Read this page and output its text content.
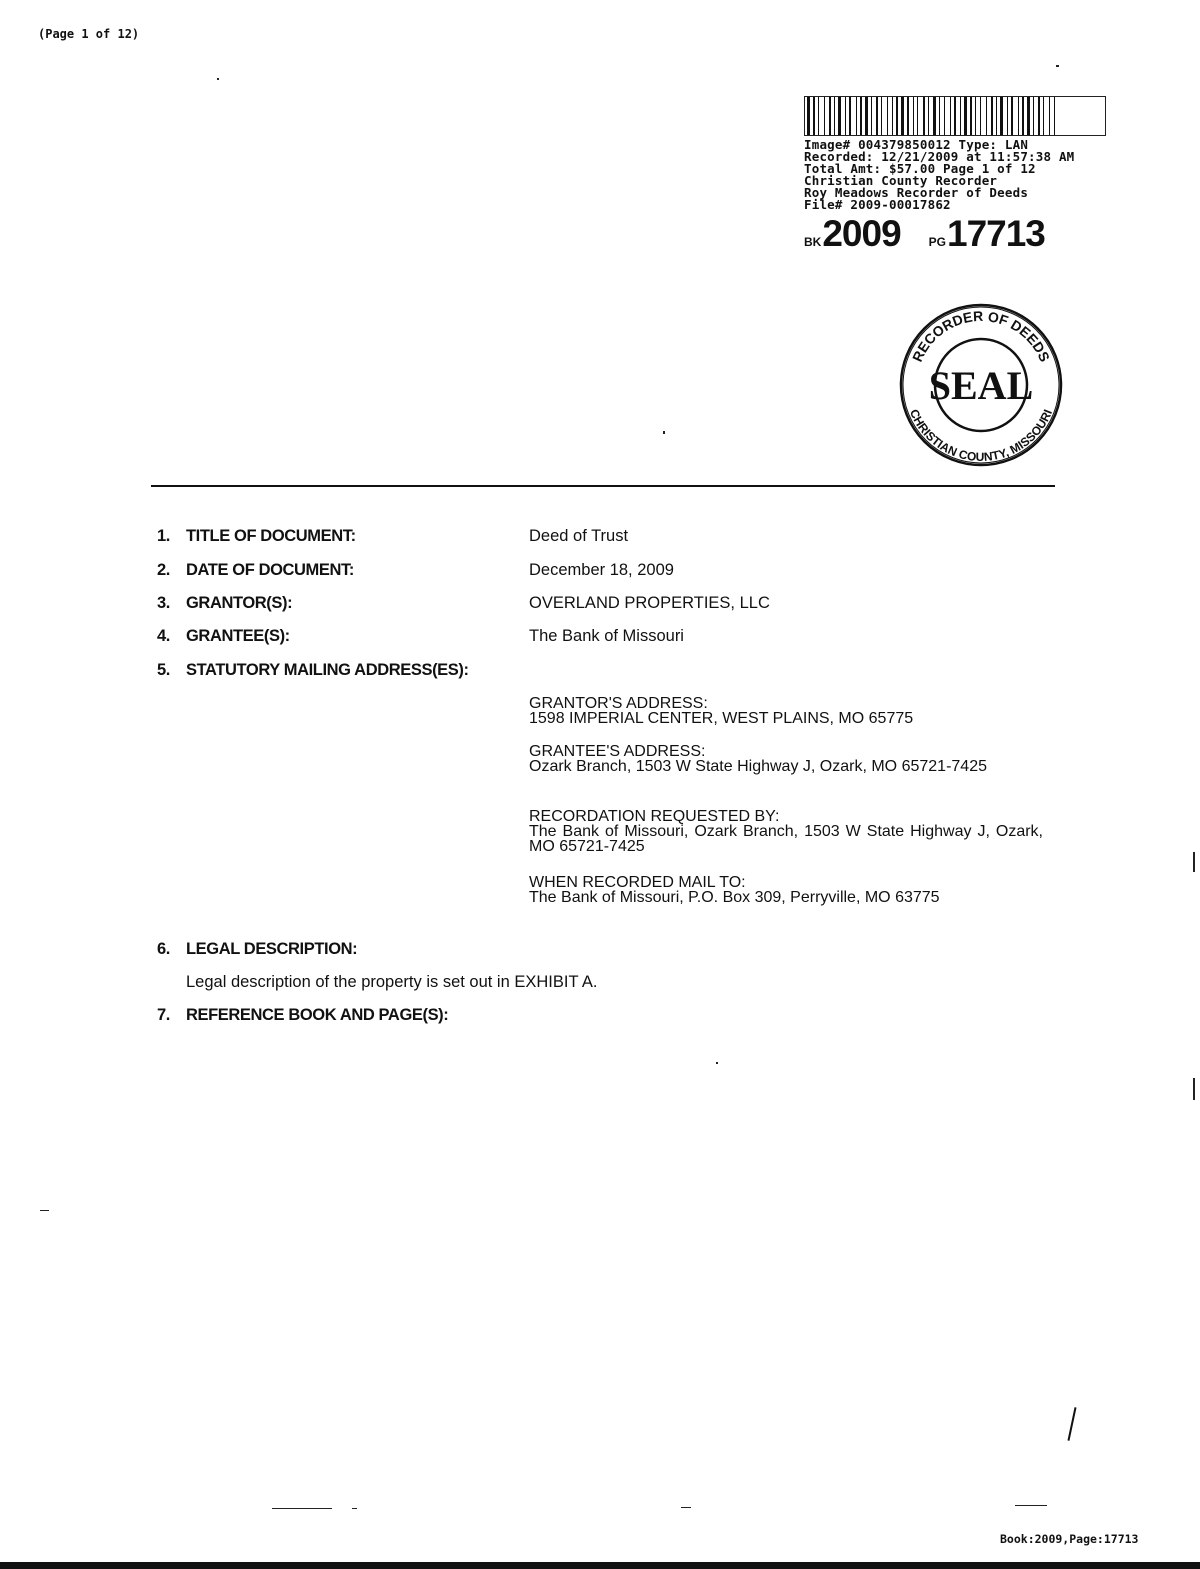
(Page 1 of 12)
Image# 004379850012 Type: LAN
Recorded: 12/21/2009 at 11:57:38 AM
Total Amt: $57.00 Page 1 of 12
Christian County Recorder
Roy Meadows Recorder of Deeds
File# 2009-00017862
BK 2009 PG 17713
RECORDER OF DEEDS
SEAL
CHRISTIAN COUNTY, MISSOURI
1. TITLE OF DOCUMENT:	Deed of Trust
2. DATE OF DOCUMENT:	December 18, 2009
3. GRANTOR(S):	OVERLAND PROPERTIES, LLC
4. GRANTEE(S):	The Bank of Missouri
5. STATUTORY MAILING ADDRESS(ES):
GRANTOR'S ADDRESS:
1598 IMPERIAL CENTER, WEST PLAINS, MO 65775
GRANTEE'S ADDRESS:
Ozark Branch, 1503 W State Highway J, Ozark, MO 65721-7425
RECORDATION REQUESTED BY:
The Bank of Missouri, Ozark Branch, 1503 W State Highway J, Ozark, MO 65721-7425
WHEN RECORDED MAIL TO:
The Bank of Missouri, P.O. Box 309, Perryville, MO 63775
6. LEGAL DESCRIPTION:
Legal description of the property is set out in EXHIBIT A.
7. REFERENCE BOOK AND PAGE(S):
Book:2009,Page:17713
